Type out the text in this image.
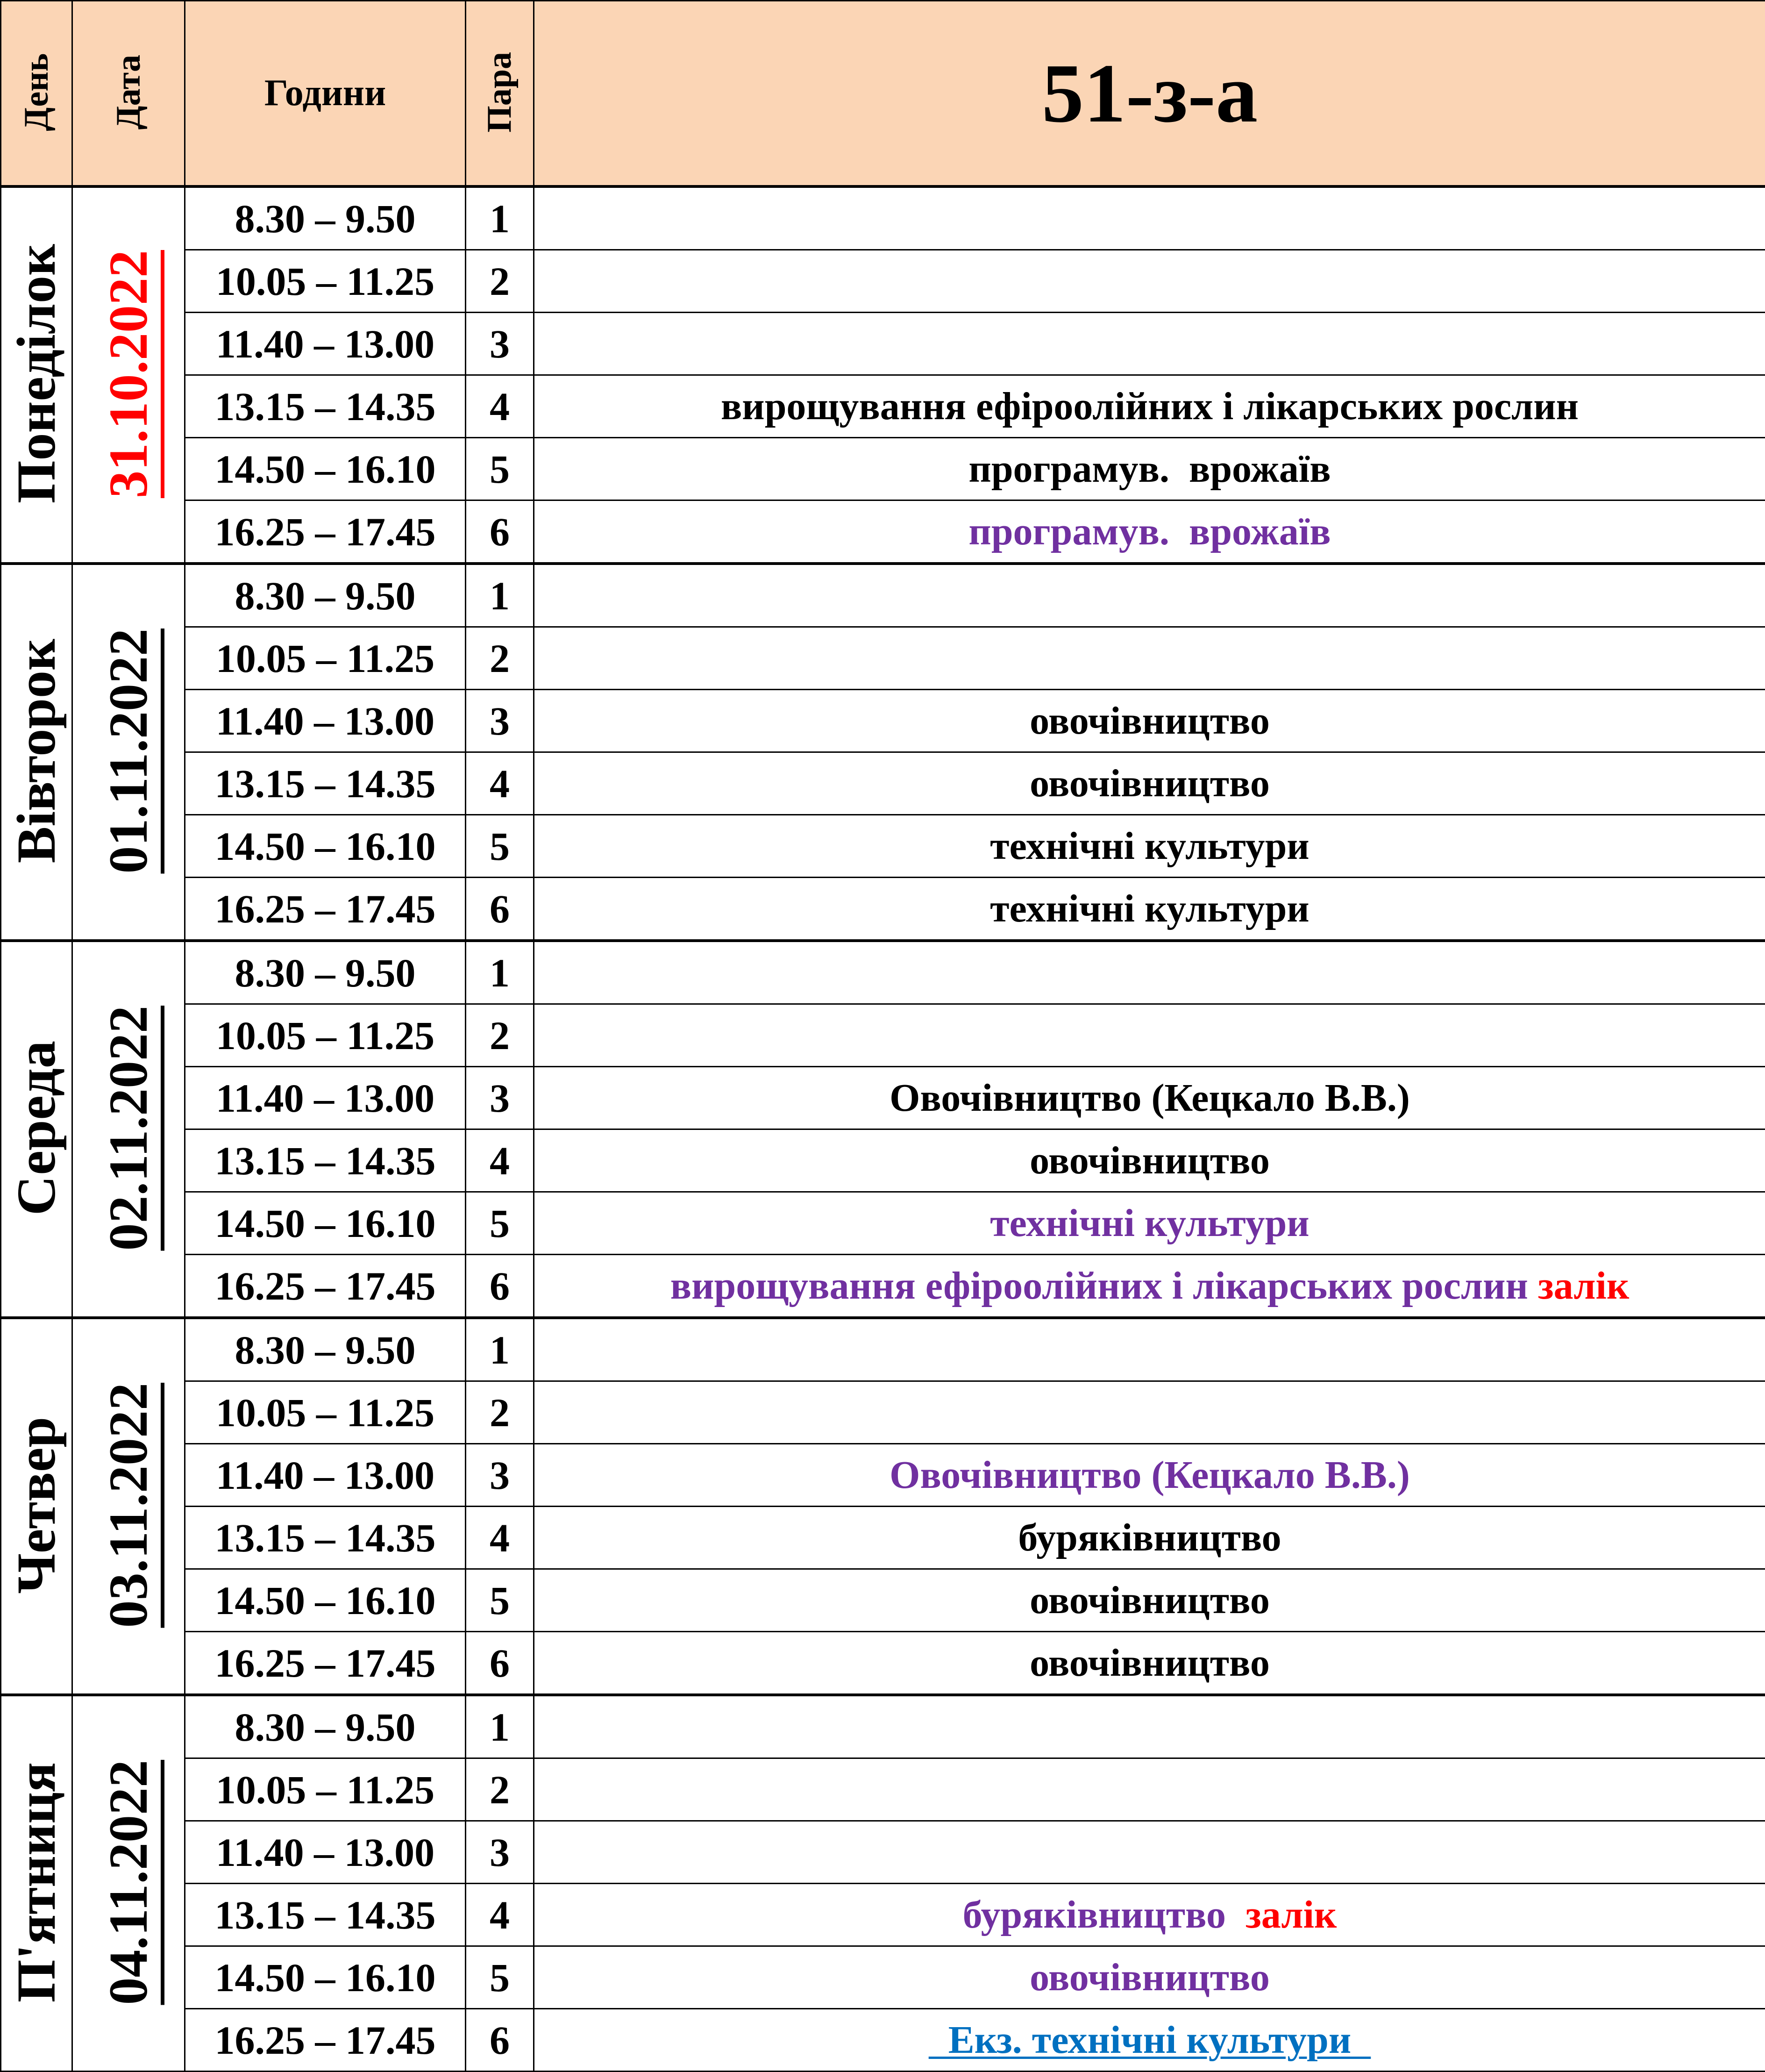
День	Дата	Години	Пара	51-з-а
Понеділок	31.10.2022	8.30 – 9.50	1	
		10.05 – 11.25	2	
		11.40 – 13.00	3	
		13.15 – 14.35	4	вирощування ефіроолійних і лікарських рослин
		14.50 – 16.10	5	програмув.  врожаїв
		16.25 – 17.45	6	програмув.  врожаїв
Вівторок	01.11.2022	8.30 – 9.50	1	
		10.05 – 11.25	2	
		11.40 – 13.00	3	овочівництво
		13.15 – 14.35	4	овочівництво
		14.50 – 16.10	5	технічні культури
		16.25 – 17.45	6	технічні культури
Середа	02.11.2022	8.30 – 9.50	1	
		10.05 – 11.25	2	
		11.40 – 13.00	3	Овочівництво (Кецкало В.В.)
		13.15 – 14.35	4	овочівництво
		14.50 – 16.10	5	технічні культури
		16.25 – 17.45	6	вирощування ефіроолійних і лікарських рослин залік
Четвер	03.11.2022	8.30 – 9.50	1	
		10.05 – 11.25	2	
		11.40 – 13.00	3	Овочівництво (Кецкало В.В.)
		13.15 – 14.35	4	буряківництво
		14.50 – 16.10	5	овочівництво
		16.25 – 17.45	6	овочівництво
П'ятниця	04.11.2022	8.30 – 9.50	1	
		10.05 – 11.25	2	
		11.40 – 13.00	3	
		13.15 – 14.35	4	буряківництво  залік
		14.50 – 16.10	5	овочівництво
		16.25 – 17.45	6	Екз. технічні культури
